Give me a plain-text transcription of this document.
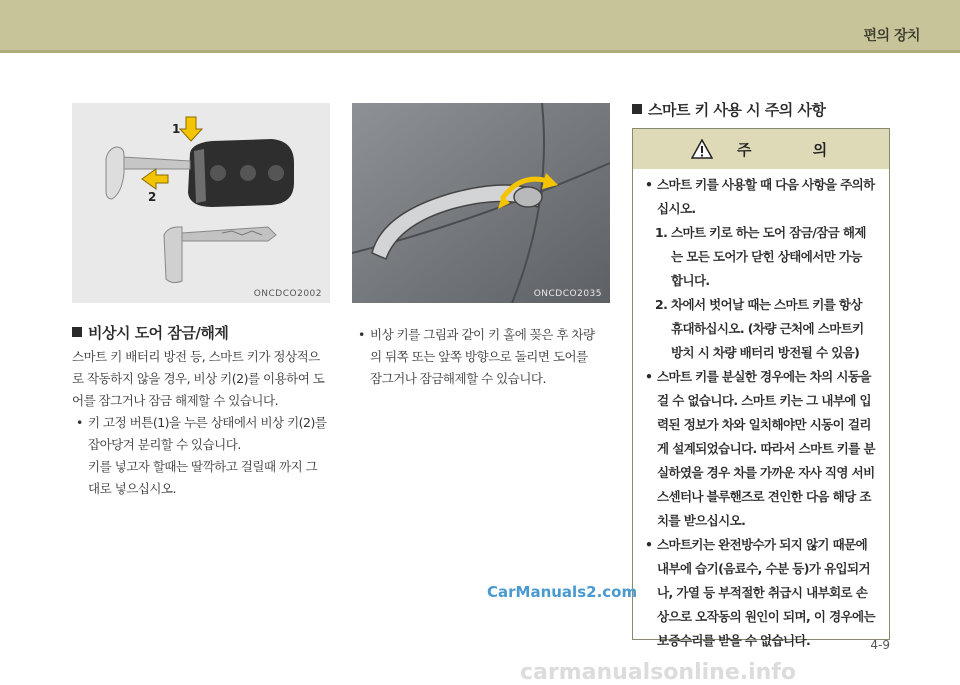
편의 장치
1
2
ONCDCO2002	ONCDCO2035
비상시 도어 잠금/해제
스마트 키 배터리 방전 등, 스마트 키가 정상적으
로 작동하지 않을 경우, 비상 키(2)를 이용하여 도
어를 잠그거나 잠금 해제할 수 있습니다.
• 키 고정 버튼(1)을 누른 상태에서 비상 키(2)를
잡아당겨 분리할 수 있습니다.
키를 넣고자 할때는 딸깍하고 걸릴때 까지 그
대로 넣으십시오.
• 비상 키를 그림과 같이 키 홀에 꽂은 후 차량
의 뒤쪽 또는 앞쪽 방향으로 돌리면 도어를
잠그거나 잠금해제할 수 있습니다.
스마트 키 사용 시 주의 사항
주 의
• 스마트 키를 사용할 때 다음 사항을 주의하
십시오.
1. 스마트 키로 하는 도어 잠금/잠금 해제
는 모든 도어가 닫힌 상태에서만 가능
합니다.
2. 차에서 벗어날 때는 스마트 키를 항상
휴대하십시오. (차량 근처에 스마트키
방치 시 차량 배터리 방전될 수 있음)
• 스마트 키를 분실한 경우에는 차의 시동을
걸 수 없습니다. 스마트 키는 그 내부에 입
력된 정보가 차와 일치해야만 시동이 걸리
게 설계되었습니다. 따라서 스마트 키를 분
실하였을 경우 차를 가까운 자사 직영 서비
스센터나 블루핸즈로 견인한 다음 해당 조
치를 받으십시오.
• 스마트키는 완전방수가 되지 않기 때문에
내부에 습기(음료수, 수분 등)가 유입되거
나, 가열 등 부적절한 취급시 내부회로 손
상으로 오작동의 원인이 되며, 이 경우에는
보증수리를 받을 수 없습니다.
CarManuals2.com
4-9
carmanualsonline.info
